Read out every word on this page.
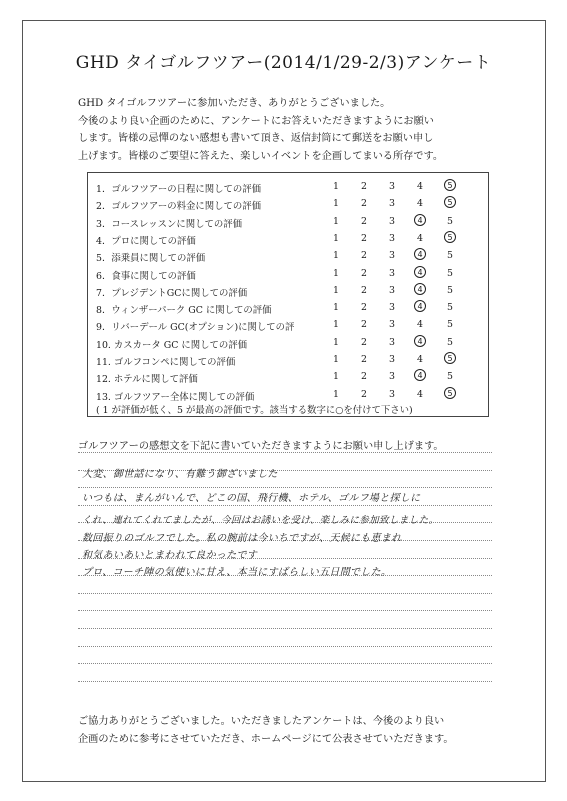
GHD タイゴルフツアー(2014/1/29-2/3)アンケート
GHD タイゴルフツアーに参加いただき、ありがとうございました。
今後のより良い企画のために、アンケートにお答えいただきますようにお願い
します。皆様の忌憚のない感想も書いて頂き、返信封筒にて郵送をお願い申し
上げます。皆様のご要望に答えた、楽しいイベントを企画してまいる所存です。
( 1 が評価が低く、5 が最高の評価です。該当する数字に○を付けて下さい)
1．ゴルフツアーの日程に関しての評価	1	2	3	4	5
2．ゴルフツアーの料金に関しての評価	1	2	3	4	5
3．コースレッスンに関しての評価	1	2	3	4	5
4．プロに関しての評価	1	2	3	4	5
5．添乗員に関しての評価	1	2	3	4	5
6．食事に関しての評価	1	2	3	4	5
7．プレジデントGCに関しての評価	1	2	3	4	5
8．ウィンザーパーク GC に関しての評価	1	2	3	4	5
9．リバーデール GC(オプション)に関しての評	1	2	3	4	5
10. カスカータ GC に関しての評価	1	2	3	4	5
11. ゴルフコンペに関しての評価	1	2	3	4	5
12. ホテルに関して評価	1	2	3	4	5
13. ゴルフツアー全体に関しての評価	1	2	3	4	5
ゴルフツアーの感想文を下記に書いていただきますようにお願い申し上げます。
大変、御世話になり、有難う御ざいました
いつもは、まんがいんで、どこの国、飛行機、ホテル、ゴルフ場と探しに
くれ、連れてくれてましたが、今回はお誘いを受け、楽しみに参加致しました。
数回振りのゴルフでした。私の腕前は今いちですが、天候にも恵まれ
和気あいあいとまわれて良かったです
プロ、コーチ陣の気使いに甘え、本当にすばらしい五日間でした。
ご協力ありがとうございました。いただきましたアンケートは、今後のより良い
企画のために参考にさせていただき、ホームページにて公表させていただきます。
